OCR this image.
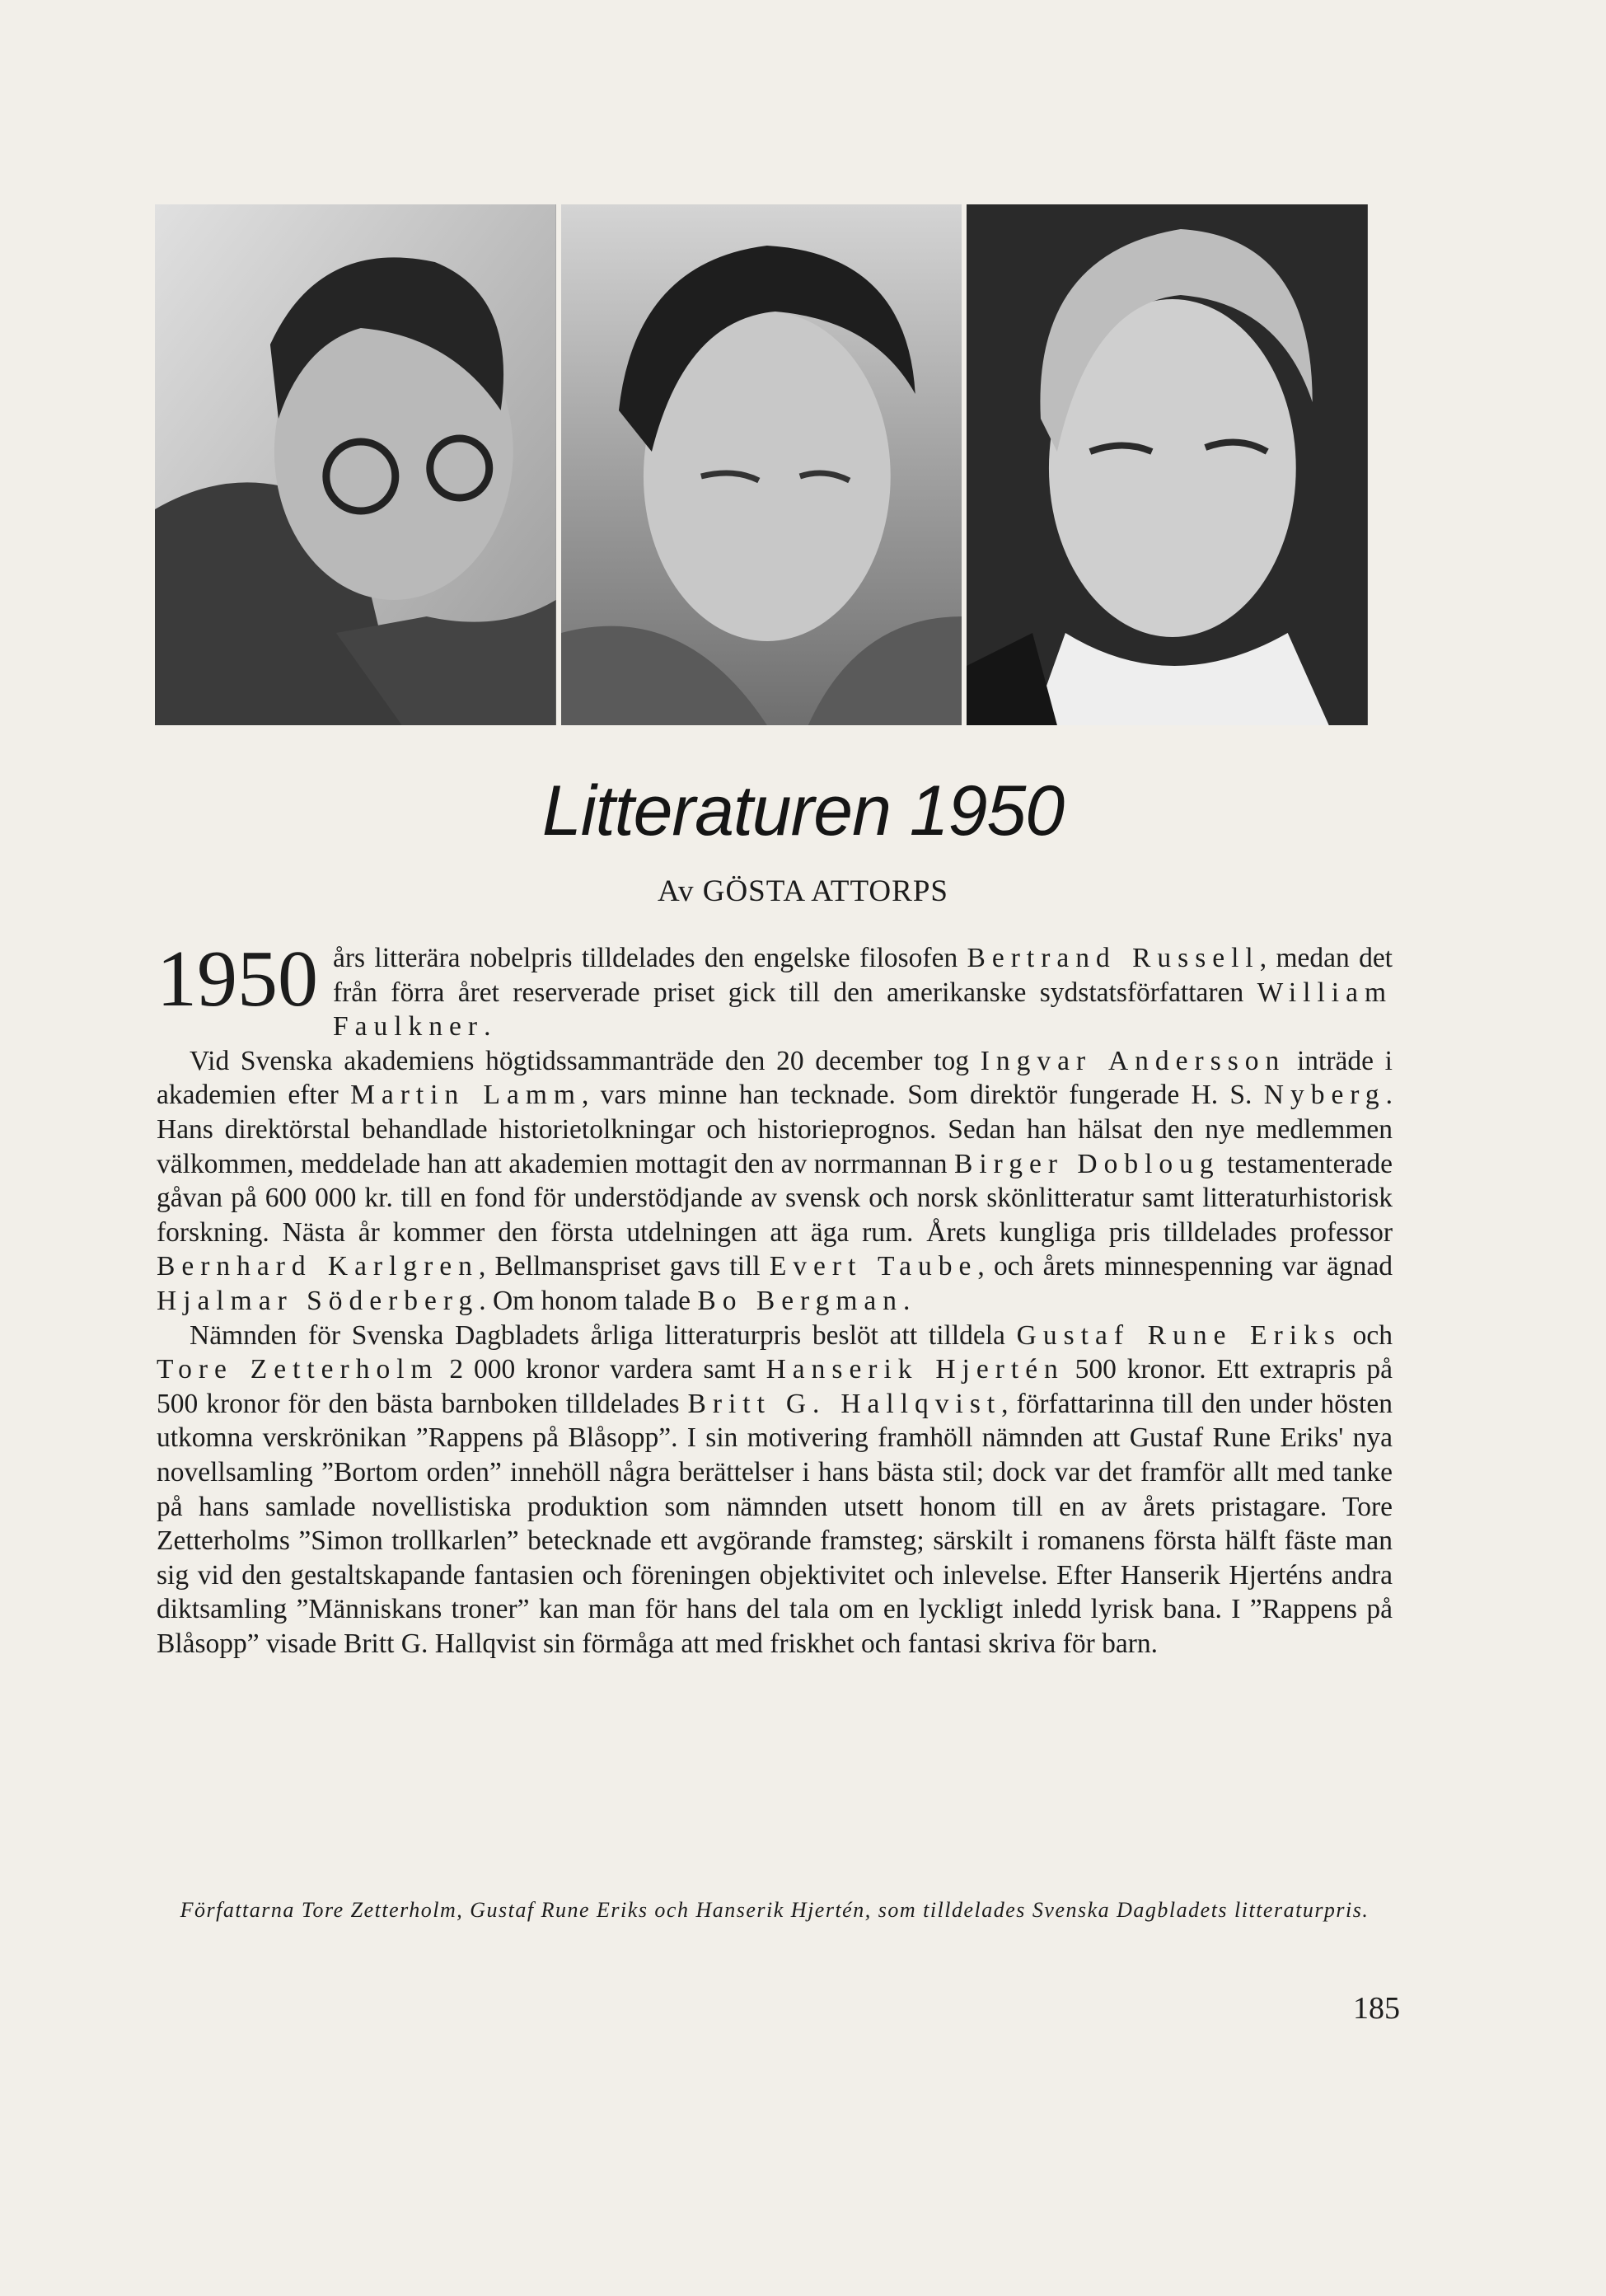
Litteraturen 1950
Av GÖSTA ATTORPS

1950 års litterära nobelpris tilldelades den engelske filosofen Bertrand Russell, medan det från förra året reserverade priset gick till den amerikanske sydstatsförfattaren William Faulkner.

Vid Svenska akademiens högtidssammanträde den 20 december tog Ingvar Andersson inträde i akademien efter Martin Lamm, vars minne han tecknade. Som direktör fungerade H. S. Nyberg. Hans direktörstal behandlade historietolkningar och historieprognos. Sedan han hälsat den nye medlemmen välkommen, meddelade han att akademien mottagit den av norrmannan Birger Dobloug testamenterade gåvan på 600 000 kr. till en fond för understödjande av svensk och norsk skönlitteratur samt litteraturhistorisk forskning. Nästa år kommer den första utdelningen att äga rum. Årets kungliga pris tilldelades professor Bernhard Karlgren, Bellmanspriset gavs till Evert Taube, och årets minnespenning var ägnad Hjalmar Söderberg. Om honom talade Bo Bergman.

Nämnden för Svenska Dagbladets årliga litteraturpris beslöt att tilldela Gustaf Rune Eriks och Tore Zetterholm 2 000 kronor vardera samt Hanserik Hjertén 500 kronor. Ett extrapris på 500 kronor för den bästa barnboken tilldelades Britt G. Hallqvist, författarinna till den under hösten utkomna verskrönikan ”Rappens på Blåsopp”. I sin motivering framhöll nämnden att Gustaf Rune Eriks' nya novellsamling ”Bortom orden” innehöll några berättelser i hans bästa stil; dock var det framför allt med tanke på hans samlade novellistiska produktion som nämnden utsett honom till en av årets pristagare. Tore Zetterholms ”Simon trollkarlen” betecknade ett avgörande framsteg; särskilt i romanens första hälft fäste man sig vid den gestaltskapande fantasien och föreningen objektivitet och inlevelse. Efter Hanserik Hjerténs andra diktsamling ”Människans troner” kan man för hans del tala om en lyckligt inledd lyrisk bana. I ”Rappens på Blåsopp” visade Britt G. Hallqvist sin förmåga att med friskhet och fantasi skriva för barn.

Författarna Tore Zetterholm, Gustaf Rune Eriks och Hanserik Hjertén, som tilldelades Svenska Dagbladets litteraturpris.
185
